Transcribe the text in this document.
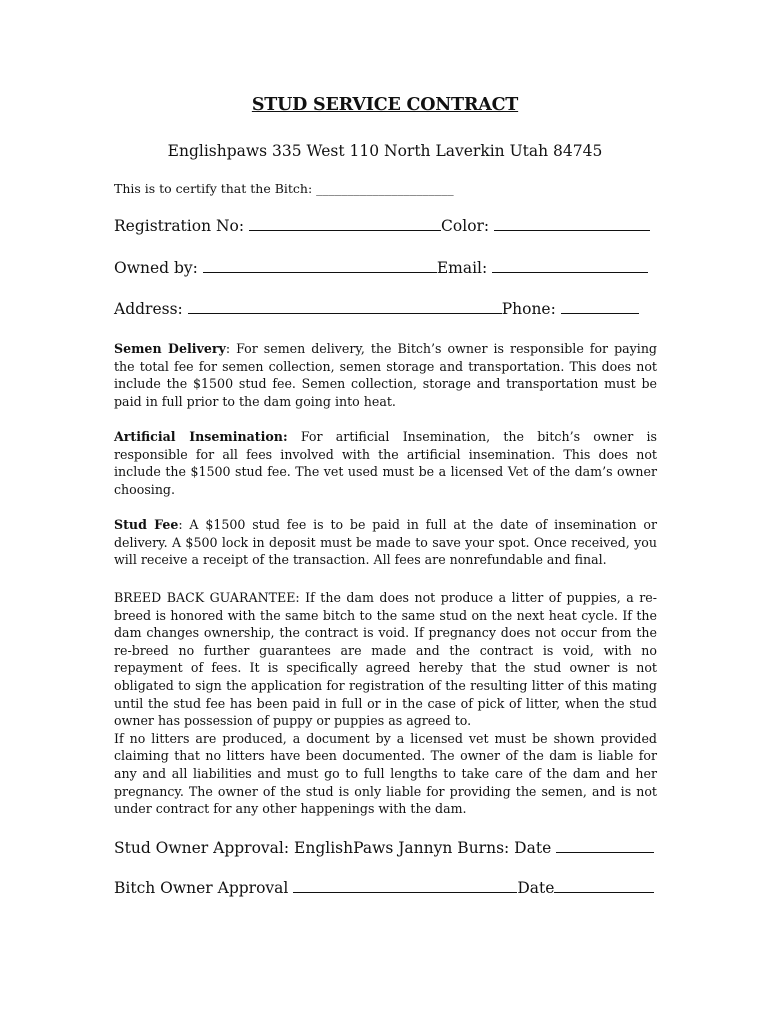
STUD SERVICE CONTRACT
Englishpaws 335 West 110 North Laverkin Utah 84745
This is to certify that the Bitch: ______________________
Registration No:	Color:
Owned by:	Email:
Address:	Phone:
Semen Delivery: For semen delivery, the Bitch’s owner is responsible for paying the total fee for semen collection, semen storage and transportation. This does not include the $1500 stud fee. Semen collection, storage and transportation must be paid in full prior to the dam going into heat.
Artificial Insemination: For artificial Insemination, the bitch’s owner is responsible for all fees involved with the artificial insemination. This does not include the $1500 stud fee. The vet used must be a licensed Vet of the dam’s owner choosing.
Stud Fee: A $1500 stud fee is to be paid in full at the date of insemination or delivery. A $500 lock in deposit must be made to save your spot. Once received, you will receive a receipt of the transaction. All fees are nonrefundable and final.
BREED BACK GUARANTEE: If the dam does not produce a litter of puppies, a re-breed is honored with the same bitch to the same stud on the next heat cycle. If the dam changes ownership, the contract is void. If pregnancy does not occur from the re-breed no further guarantees are made and the contract is void, with no repayment of fees. It is specifically agreed hereby that the stud owner is not obligated to sign the application for registration of the resulting litter of this mating until the stud fee has been paid in full or in the case of pick of litter, when the stud owner has possession of puppy or puppies as agreed to.
If no litters are produced, a document by a licensed vet must be shown provided claiming that no litters have been documented. The owner of the dam is liable for any and all liabilities and must go to full lengths to take care of the dam and her pregnancy. The owner of the stud is only liable for providing the semen, and is not under contract for any other happenings with the dam.
Stud Owner Approval: EnglishPaws Jannyn Burns: Date
Bitch Owner Approval	Date
